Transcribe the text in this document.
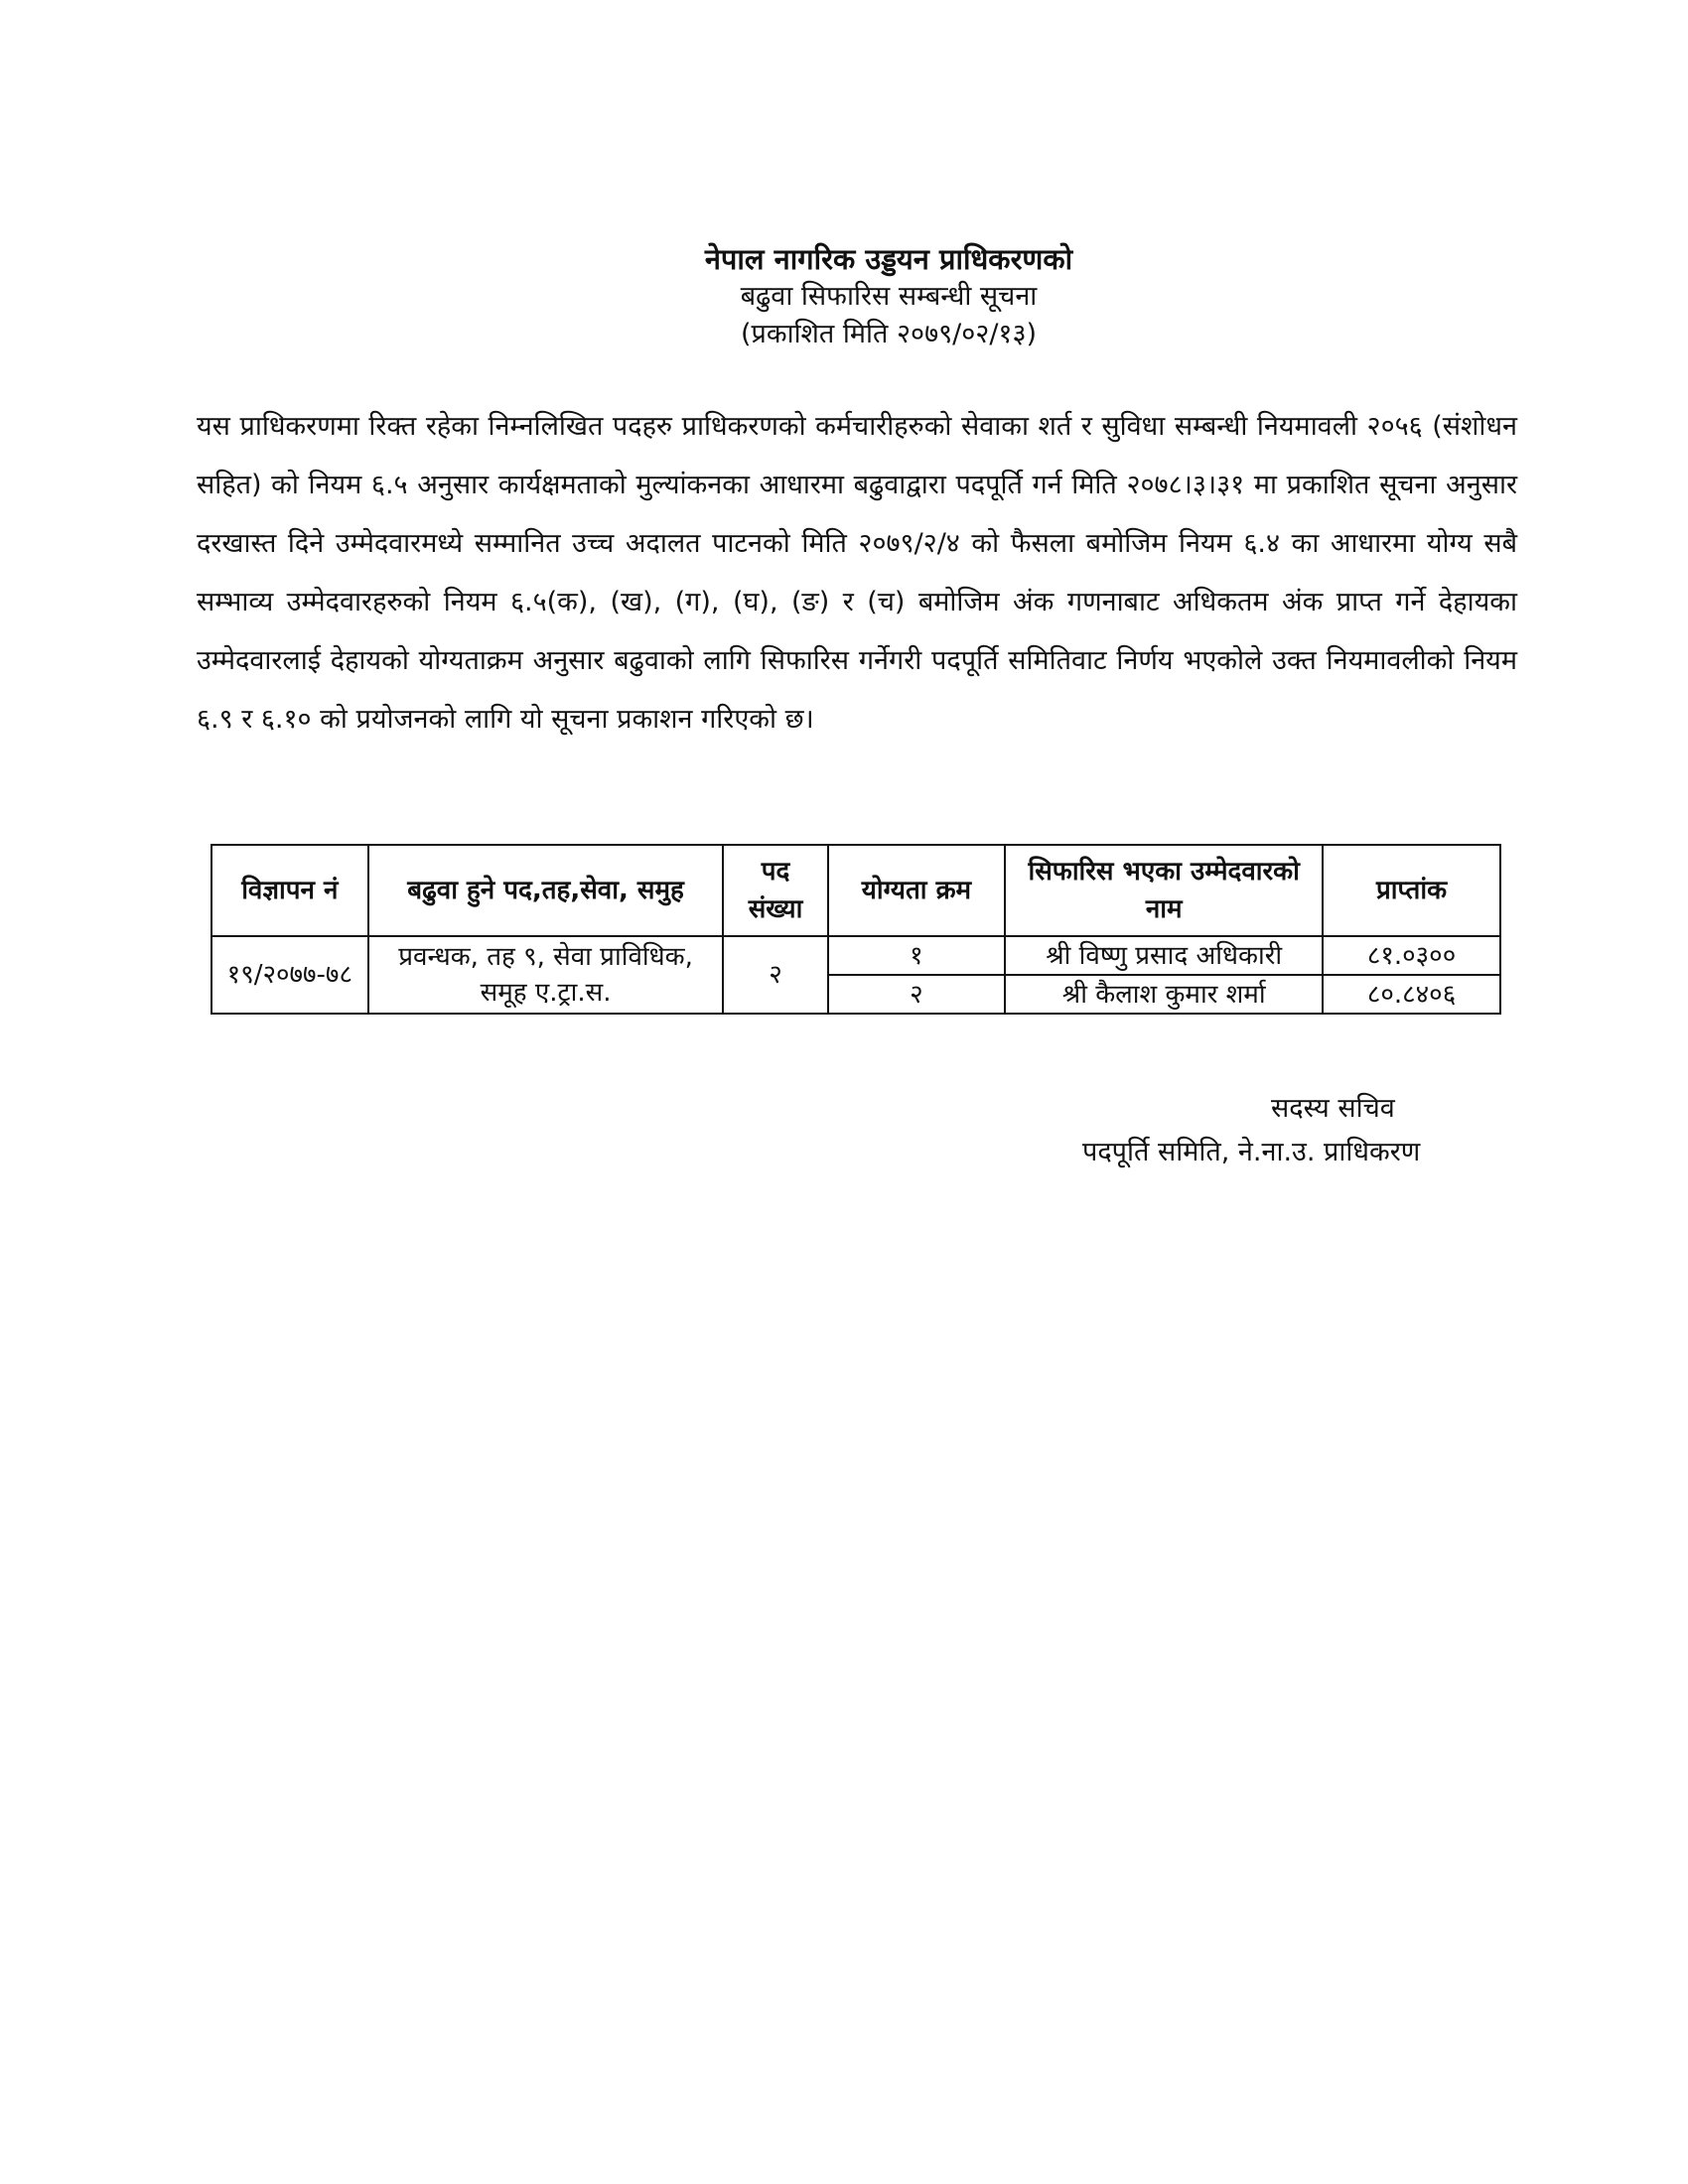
नेपाल नागरिक उड्डयन प्राधिकरणको
बढुवा सिफारिस सम्बन्धी सूचना
(प्रकाशित मिति २०७९/०२/१३)
यस प्राधिकरणमा रिक्त रहेका निम्नलिखित पदहरु प्राधिकरणको कर्मचारीहरुको सेवाका शर्त र सुविधा सम्बन्धी नियमावली २०५६ (संशोधन सहित) को नियम ६.५ अनुसार कार्यक्षमताको मुल्यांकनका आधारमा बढुवाद्वारा पदपूर्ति गर्न मिति २०७८।३।३१ मा प्रकाशित सूचना अनुसार दरखास्त दिने उम्मेदवारमध्ये सम्मानित उच्च अदालत पाटनको मिति २०७९/२/४ को फैसला बमोजिम नियम ६.४ का आधारमा योग्य सबै सम्भाव्य उम्मेदवारहरुको नियम ६.५(क), (ख), (ग), (घ), (ङ) र (च) बमोजिम अंक गणनाबाट अधिकतम अंक प्राप्त गर्ने देहायका उम्मेदवारलाई देहायको योग्यताक्रम अनुसार बढुवाको लागि सिफारिस गर्नेगरी पदपूर्ति समितिवाट निर्णय भएकोले उक्त नियमावलीको नियम ६.९ र ६.१० को प्रयोजनको लागि यो सूचना प्रकाशन गरिएको छ।
विज्ञापन नं	बढुवा हुने पद,तह,सेवा, समुह	पद संख्या	योग्यता क्रम	सिफारिस भएका उम्मेदवारको नाम	प्राप्तांक
१९/२०७७-७८	प्रवन्धक, तह ९, सेवा प्राविधिक, समूह ए.ट्रा.स.	२	१	श्री विष्णु प्रसाद अधिकारी	८१.०३००
			२	श्री कैलाश कुमार शर्मा	८०.८४०६
सदस्य सचिव
पदपूर्ति समिति, ने.ना.उ. प्राधिकरण
